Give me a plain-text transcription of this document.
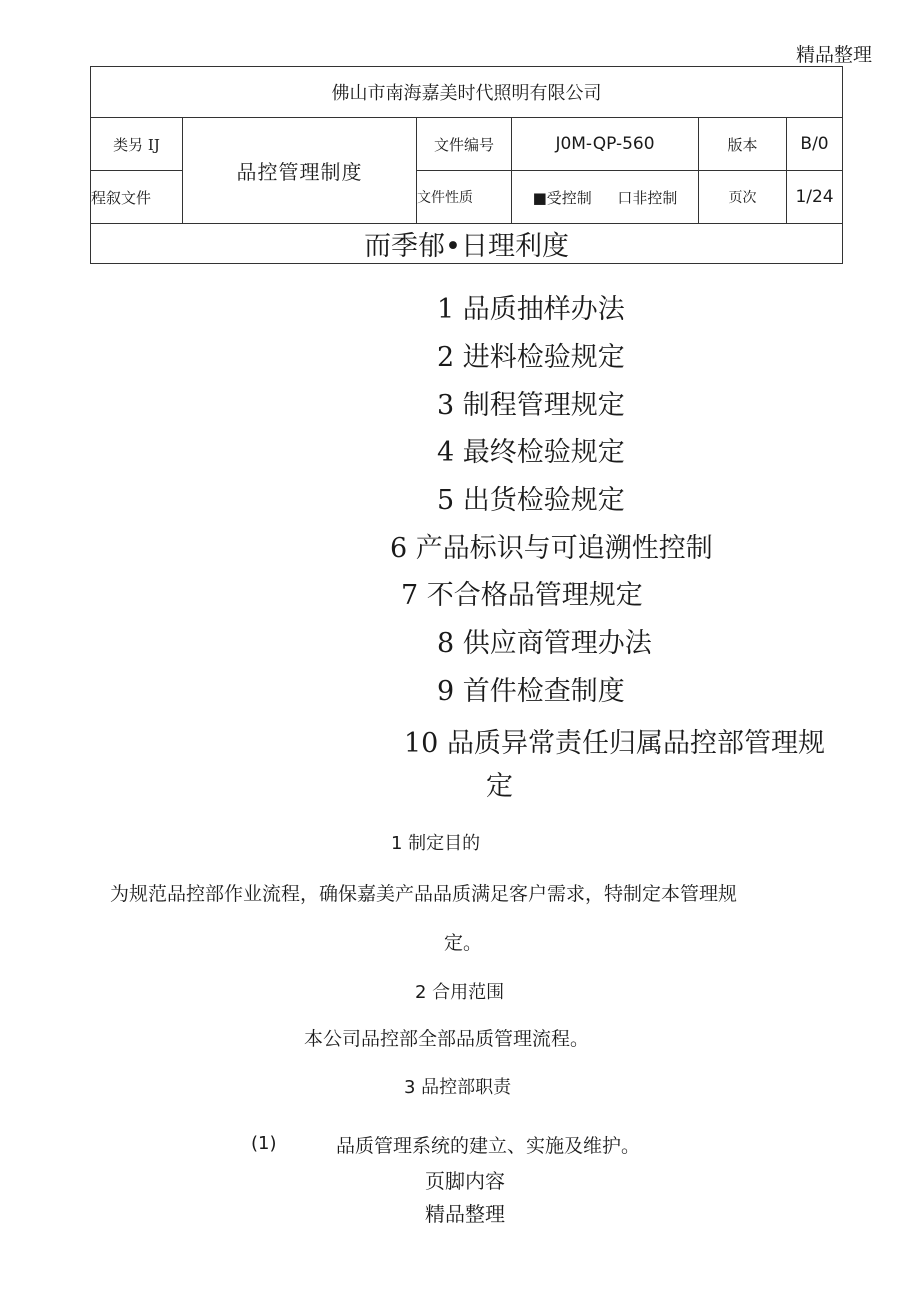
精品整理
佛山市南海嘉美时代照明有限公司					
类另 IJ	品控管理制度	文件编号	J0M-QP-560	版本	B/0
程叙文件		文件性质	■受控制 口非控制	页次	1/24
而季郁•日理利度					
1 品质抽样办法
2 进料检验规定
3 制程管理规定
4 最终检验规定
5 出货检验规定
6 产品标识与可追溯性控制
7 不合格品管理规定
8 供应商管理办法
9 首件检查制度
10 品质异常责任归属品控部管理规
定
1 制定目的
为规范品控部作业流程，确保嘉美产品品质满足客户需求，特制定本管理规
定。
2 合用范围
本公司品控部全部品质管理流程。
3 品控部职责
(1)	品质管理系统的建立、实施及维护。
页脚内容
精品整理
